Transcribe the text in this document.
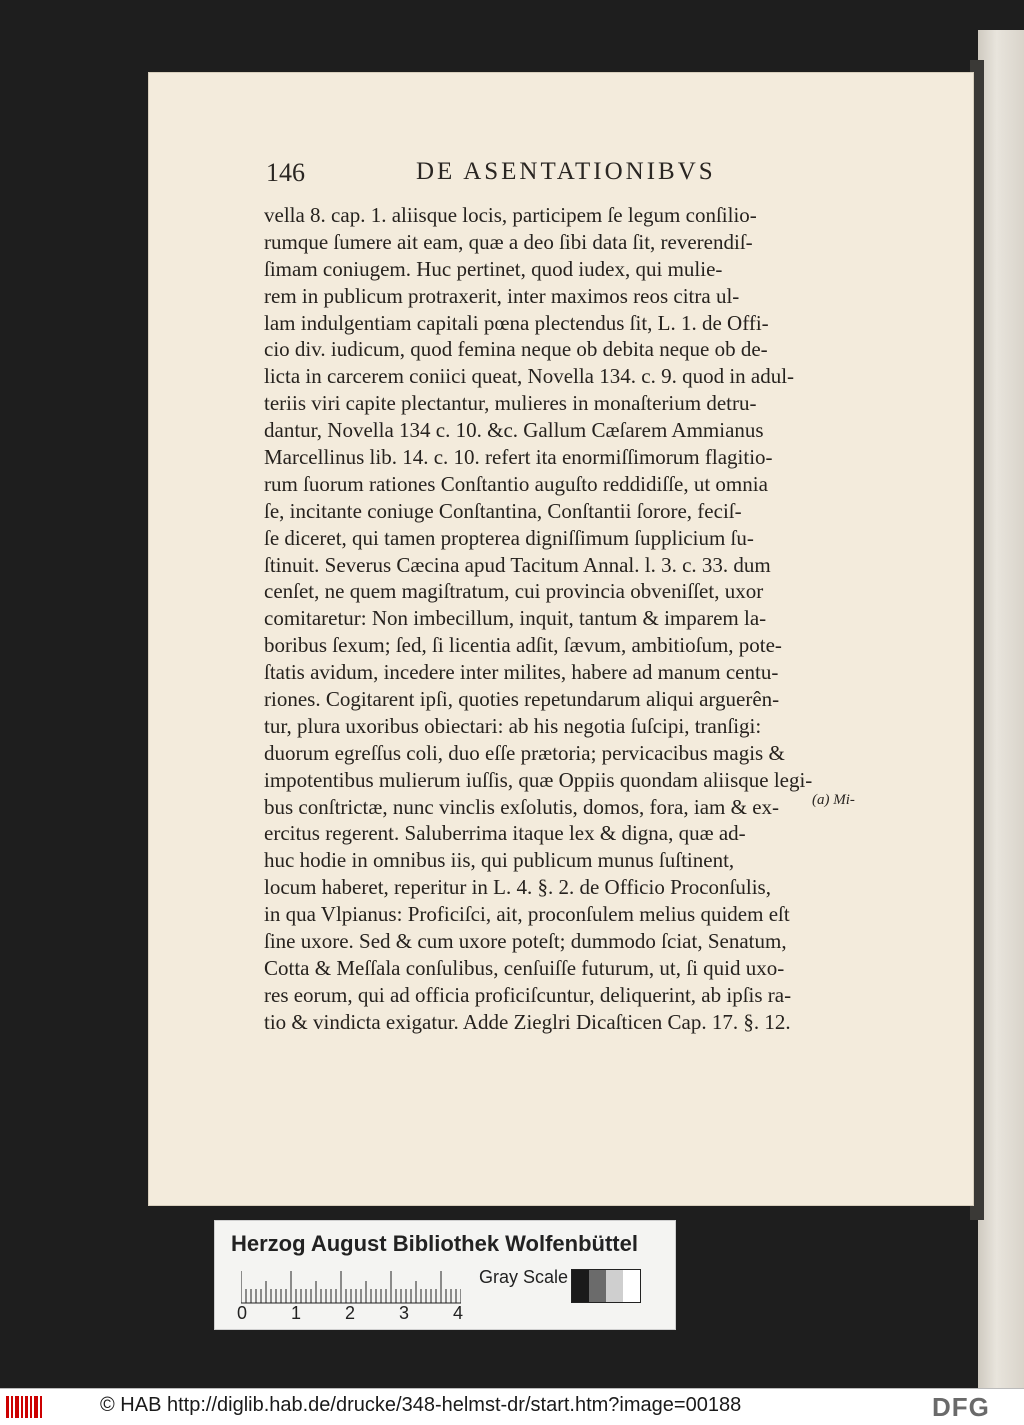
146	DE ASENTATIONIBVS
vella 8. cap. 1. aliisque locis, participem ſe legum conſilio-
rumque ſumere ait eam, quæ a deo ſibi data ſit, reverendiſ-
ſimam coniugem. Huc pertinet, quod iudex, qui mulie-
rem in publicum protraxerit, inter maximos reos citra ul-
lam indulgentiam capitali pœna plectendus ſit, L. 1. de Offi-
cio div. iudicum, quod femina neque ob debita neque ob de-
licta in carcerem coniici queat, Novella 134. c. 9. quod in adul-
teriis viri capite plectantur, mulieres in monaſterium detru-
dantur, Novella 134 c. 10. &c. Gallum Cæſarem Ammianus
Marcellinus lib. 14. c. 10. refert ita enormiſſimorum flagitio-
rum ſuorum rationes Conſtantio auguſto reddidiſſe, ut omnia
ſe, incitante coniuge Conſtantina, Conſtantii ſorore, feciſ-
ſe diceret, qui tamen propterea digniſſimum ſupplicium ſu-
ſtinuit. Severus Cæcina apud Tacitum Annal. l. 3. c. 33. dum
cenſet, ne quem magiſtratum, cui provincia obveniſſet, uxor
comitaretur: Non imbecillum, inquit, tantum & imparem la-
boribus ſexum; ſed, ſi licentia adſit, ſævum, ambitioſum, pote-
ſtatis avidum, incedere inter milites, habere ad manum centu-
riones. Cogitarent ipſi, quoties repetundarum aliqui arguerên-
tur, plura uxoribus obiectari: ab his negotia ſuſcipi, tranſigi:
duorum egreſſus coli, duo eſſe prætoria; pervicacibus magis &
impotentibus mulierum iuſſis, quæ Oppiis quondam aliisque legi-
bus conſtrictæ, nunc vinclis exſolutis, domos, fora, iam & ex-
ercitus regerent. Saluberrima itaque lex & digna, quæ ad-
huc hodie in omnibus iis, qui publicum munus ſuſtinent,
locum haberet, reperitur in L. 4. §. 2. de Officio Proconſulis,
in qua Vlpianus: Proficiſci, ait, proconſulem melius quidem eſt
ſine uxore. Sed & cum uxore poteſt; dummodo ſciat, Senatum,
Cotta & Meſſala conſulibus, cenſuiſſe futurum, ut, ſi quid uxo-
res eorum, qui ad officia proficiſcuntur, deliquerint, ab ipſis ra-
tio & vindicta exigatur. Adde Zieglri Dicaſticen Cap. 17. §. 12.
(a) Mi-
Herzog August Bibliothek Wolfenbüttel
0 1 2 3 4
Gray Scale
© HAB http://diglib.hab.de/drucke/348-helmst-dr/start.htm?image=00188	DFG
